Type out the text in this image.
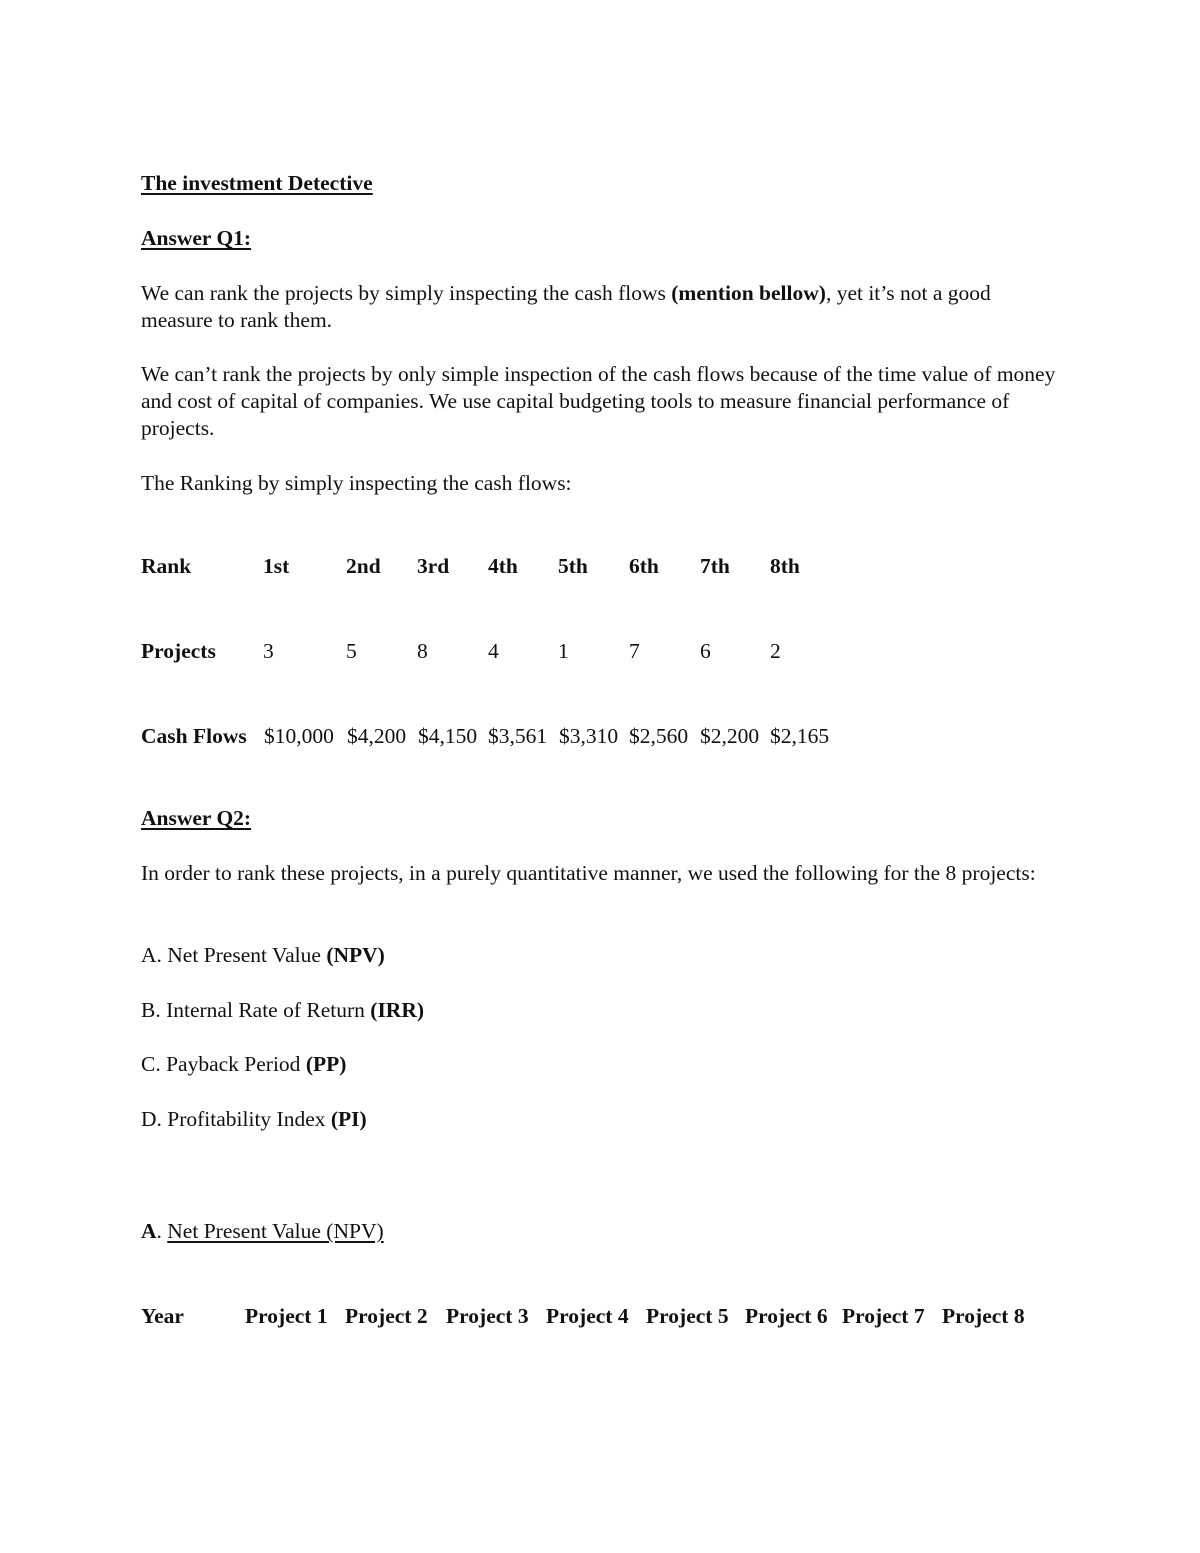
The investment Detective
Answer Q1:
We can rank the projects by simply inspecting the cash flows (mention bellow), yet it’s not a good measure to rank them.
We can’t rank the projects by only simple inspection of the cash flows because of the time value of money and cost of capital of companies. We use capital budgeting tools to measure financial performance of projects.
The Ranking by simply inspecting the cash flows:
Rank	1st	2nd 3rd 4th 5th 6th 7th 8th
Projects 3	5	8	4	1	7	6	2
Cash Flows $10,000 $4,200 $4,150 $3,561 $3,310 $2,560 $2,200 $2,165
Answer Q2:
In order to rank these projects, in a purely quantitative manner, we used the following for the 8 projects:
A. Net Present Value (NPV)
B. Internal Rate of Return (IRR)
C. Payback Period (PP)
D. Profitability Index (PI)
A. Net Present Value (NPV)
Year	Project 1 Project 2 Project 3 Project 4 Project 5 Project 6 Project 7 Project 8
